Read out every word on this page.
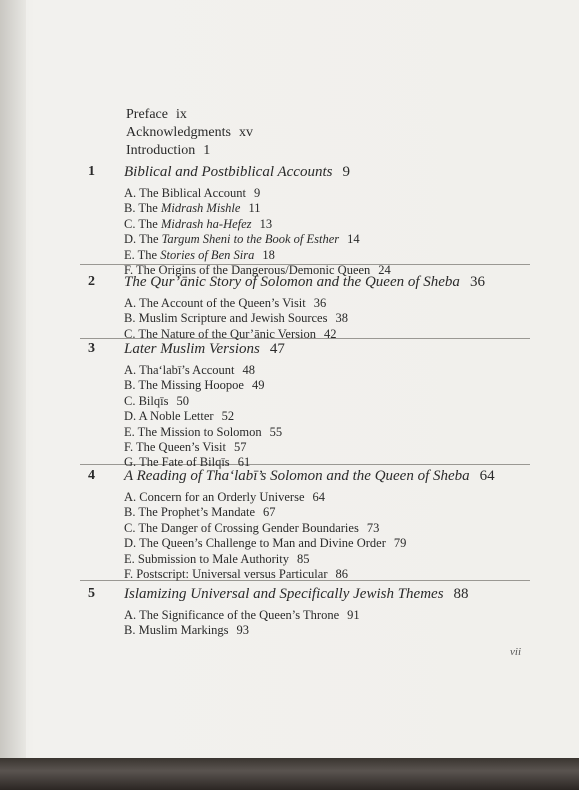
Preface ix
Acknowledgments xv
Introduction 1
1 Biblical and Postbiblical Accounts 9
A. The Biblical Account 9
B. The Midrash Mishle 11
C. The Midrash ha-Hefez 13
D. The Targum Sheni to the Book of Esther 14
E. The Stories of Ben Sira 18
F. The Origins of the Dangerous/Demonic Queen 24
2 The Qur’ānic Story of Solomon and the Queen of Sheba 36
A. The Account of the Queen’s Visit 36
B. Muslim Scripture and Jewish Sources 38
C. The Nature of the Qur’ānic Version 42
3 Later Muslim Versions 47
A. Tha‘labī’s Account 48
B. The Missing Hoopoe 49
C. Bilqīs 50
D. A Noble Letter 52
E. The Mission to Solomon 55
F. The Queen’s Visit 57
G. The Fate of Bilqīs 61
4 A Reading of Tha‘labī’s Solomon and the Queen of Sheba 64
A. Concern for an Orderly Universe 64
B. The Prophet’s Mandate 67
C. The Danger of Crossing Gender Boundaries 73
D. The Queen’s Challenge to Man and Divine Order 79
E. Submission to Male Authority 85
F. Postscript: Universal versus Particular 86
5 Islamizing Universal and Specifically Jewish Themes 88
A. The Significance of the Queen’s Throne 91
B. Muslim Markings 93
vii
